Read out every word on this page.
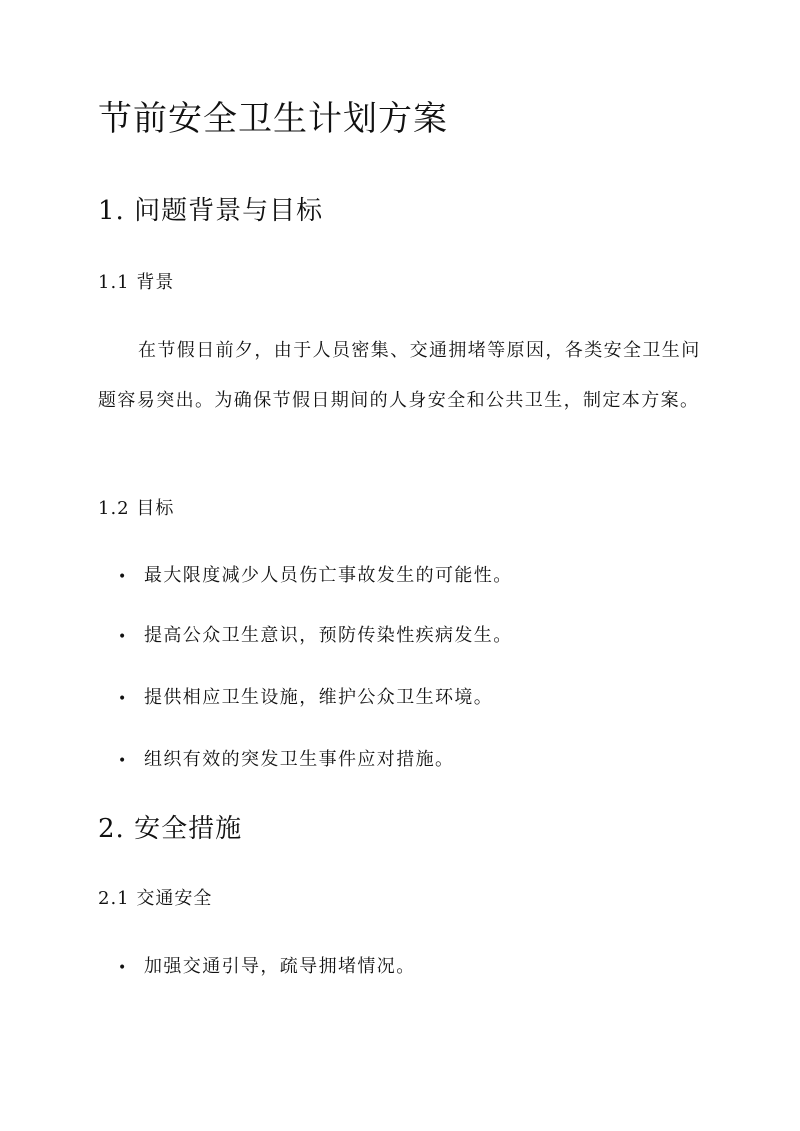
节前安全卫生计划方案
1. 问题背景与目标
1.1 背景
在节假日前夕，由于人员密集、交通拥堵等原因，各类安全卫生问题容易突出。为确保节假日期间的人身安全和公共卫生，制定本方案。
1.2 目标
• 最大限度减少人员伤亡事故发生的可能性。
• 提高公众卫生意识，预防传染性疾病发生。
• 提供相应卫生设施，维护公众卫生环境。
• 组织有效的突发卫生事件应对措施。
2. 安全措施
2.1 交通安全
• 加强交通引导，疏导拥堵情况。
